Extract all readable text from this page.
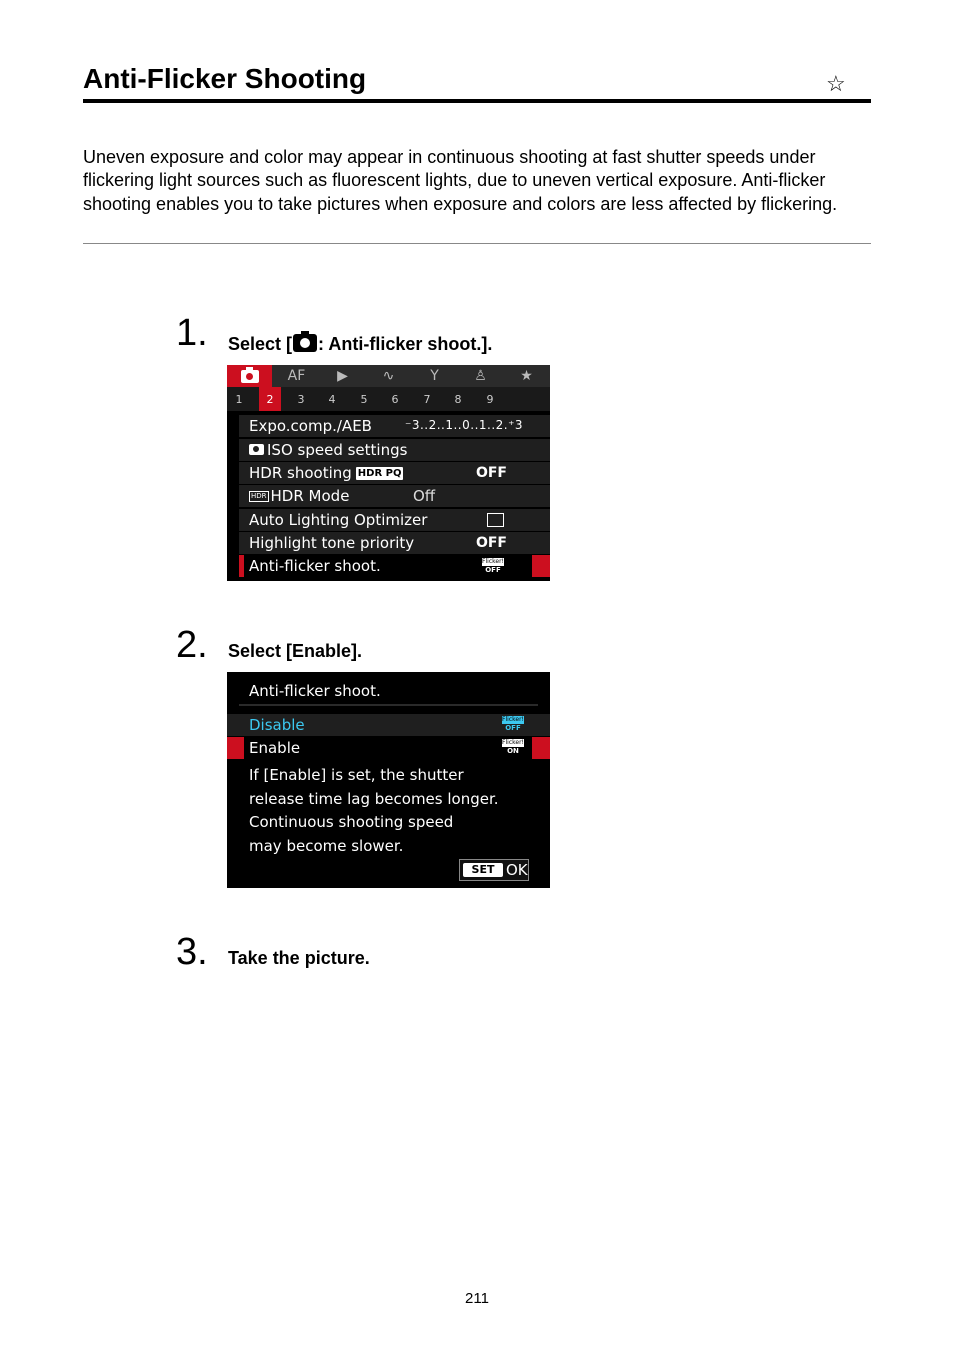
Anti-Flicker Shooting	☆
Uneven exposure and color may appear in continuous shooting at fast shutter speeds under flickering light sources such as fluorescent lights, due to uneven vertical exposure. Anti-flicker shooting enables you to take pictures when exposure and colors are less affected by flickering.
1. Select [ : Anti-flicker shoot.].
AF	▶	∿	Y	♙	★
1	2	3	4	5	6	7	8	9
Expo.comp./AEB	⁻3..2..1..0..1..2.⁺3
ISO speed settings
HDR shooting HDR PQ	OFF
HDR HDR Mode	Off
Auto Lighting Optimizer
Highlight tone priority	OFF
Anti-flicker shoot.	Flicker!
OFF
2. Select [Enable].
Anti-flicker shoot.
Disable	Flicker!
OFF
Enable	Flicker!
ON
If [Enable] is set, the shutter
release time lag becomes longer.
Continuous shooting speed
may become slower.
SET OK
3. Take the picture.
211
